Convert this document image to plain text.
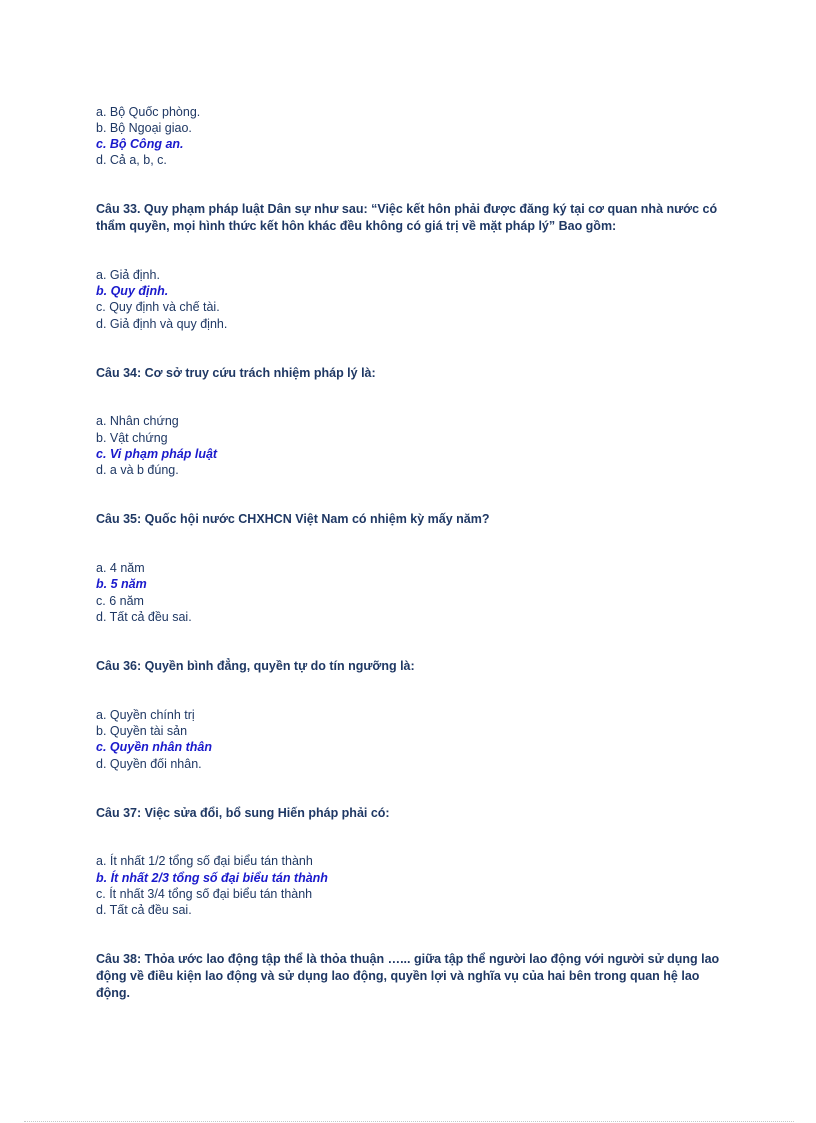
a. Bộ Quốc phòng.
b. Bộ Ngoại giao.
c. Bộ Công an.
d. Cả a, b, c.
Câu 33. Quy phạm pháp luật Dân sự như sau: “Việc kết hôn phải được đăng ký tại cơ quan nhà nước có thẩm quyền, mọi hình thức kết hôn khác đều không có giá trị về mặt pháp lý” Bao gồm:
a. Giả định.
b. Quy định.
c. Quy định và chế tài.
d. Giả định và quy định.
Câu 34: Cơ sở truy cứu trách nhiệm pháp lý là:
a. Nhân chứng
b. Vật chứng
c. Vi phạm pháp luật
d. a và b đúng.
Câu 35: Quốc hội nước CHXHCN Việt Nam có nhiệm kỳ mấy năm?
a. 4 năm
b. 5 năm
c. 6 năm
d. Tất cả đều sai.
Câu 36: Quyền bình đẳng, quyền tự do tín ngưỡng là:
a. Quyền chính trị
b. Quyền tài sản
c. Quyền nhân thân
d. Quyền đối nhân.
Câu 37: Việc sửa đổi, bổ sung Hiến pháp phải có:
a. Ít nhất 1/2 tổng số đại biểu tán thành
b. Ít nhất 2/3 tổng số đại biểu tán thành
c. Ít nhất 3/4 tổng số đại biểu tán thành
d. Tất cả đều sai.
Câu 38: Thỏa ước lao động tập thể là thỏa thuận …... giữa tập thể người lao động với người sử dụng lao động về điều kiện lao động và sử dụng lao động, quyền lợi và nghĩa vụ của hai bên trong quan hệ lao động.
